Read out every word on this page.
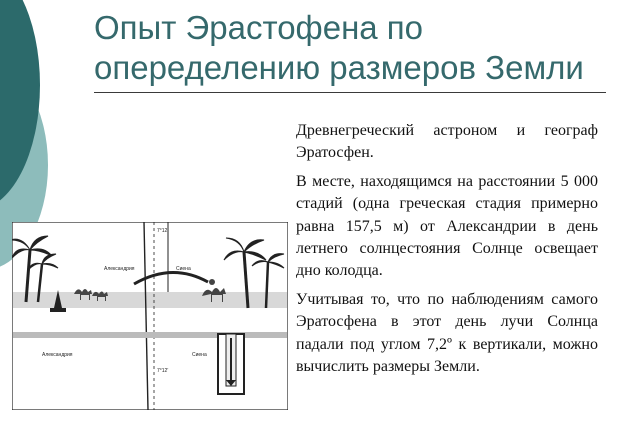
Опыт Эрастофена по
опеределению размеров Земли
Александрия	Сиена
Александрия	Сиена
7°12'
7°12'

Древнегреческий астроном и географ Эратосфен.

В месте, находящимся на расстоянии 5 000 стадий (одна греческая стадия примерно равна 157,5 м) от Александрии в день летнего солнцестояния Солнце освещает дно колодца.

Учитывая то, что по наблюдениям самого Эратосфена в этот день лучи Солнца падали под углом 7,2º к вертикали, можно вычислить размеры Земли.
